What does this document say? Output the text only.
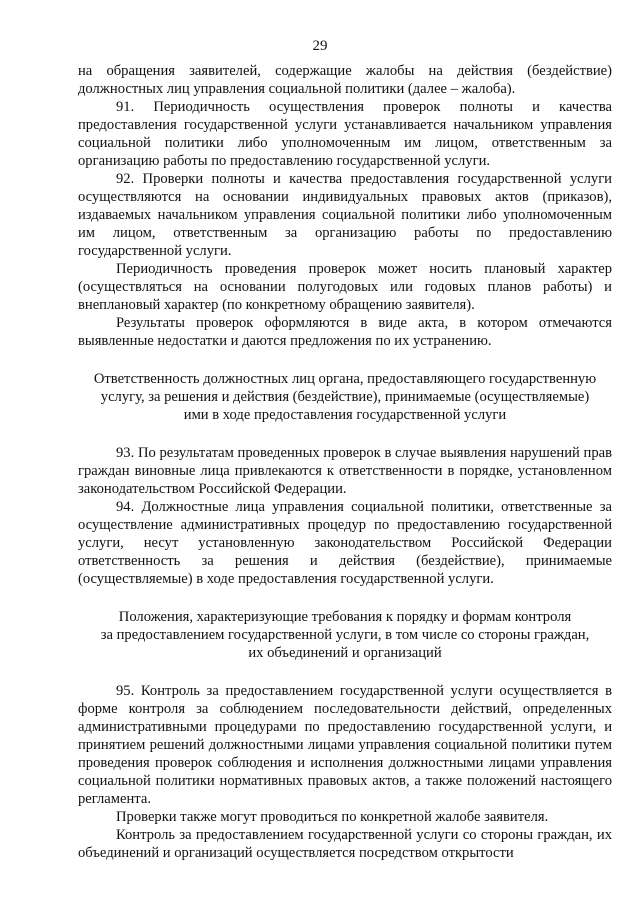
29

на обращения заявителей, содержащие жалобы на действия (бездействие) должностных лиц управления социальной политики (далее – жалоба).

91. Периодичность осуществления проверок полноты и качества предоставления государственной услуги устанавливается начальником управления социальной политики либо уполномоченным им лицом, ответственным за организацию работы по предоставлению государственной услуги.

92. Проверки полноты и качества предоставления государственной услуги осуществляются на основании индивидуальных правовых актов (приказов), издаваемых начальником управления социальной политики либо уполномоченным им лицом, ответственным за организацию работы по предоставлению государственной услуги.

Периодичность проведения проверок может носить плановый характер (осуществляться на основании полугодовых или годовых планов работы) и внеплановый характер (по конкретному обращению заявителя).

Результаты проверок оформляются в виде акта, в котором отмечаются выявленные недостатки и даются предложения по их устранению.

Ответственность должностных лиц органа, предоставляющего государственную

услугу, за решения и действия (бездействие), принимаемые (осуществляемые)

ими в ходе предоставления государственной услуги

93. По результатам проведенных проверок в случае выявления нарушений прав граждан виновные лица привлекаются к ответственности в порядке, установленном законодательством Российской Федерации.

94. Должностные лица управления социальной политики, ответственные за осуществление административных процедур по предоставлению государственной услуги, несут установленную законодательством Российской Федерации ответственность за решения и действия (бездействие), принимаемые (осуществляемые) в ходе предоставления государственной услуги.

Положения, характеризующие требования к порядку и формам контроля

за предоставлением государственной услуги, в том числе со стороны граждан,

их объединений и организаций

95. Контроль за предоставлением государственной услуги осуществляется в форме контроля за соблюдением последовательности действий, определенных административными процедурами по предоставлению государственной услуги, и принятием решений должностными лицами управления социальной политики путем проведения проверок соблюдения и исполнения должностными лицами управления социальной политики нормативных правовых актов, а также положений настоящего регламента.

Проверки также могут проводиться по конкретной жалобе заявителя.

Контроль за предоставлением государственной услуги со стороны граждан, их объединений и организаций осуществляется посредством открытости
